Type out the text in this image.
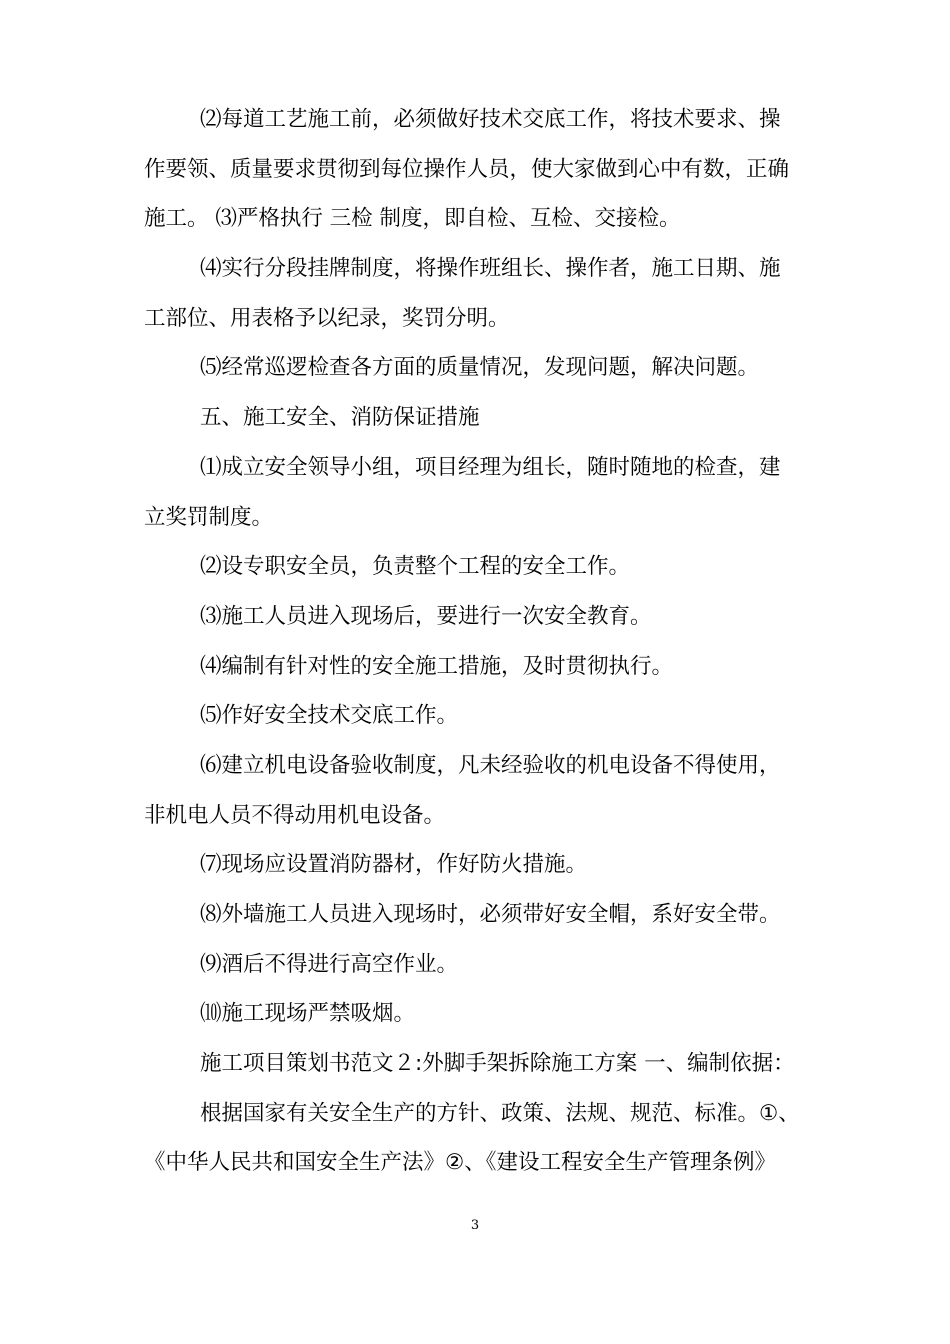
⑵每道工艺施工前，必须做好技术交底工作，将技术要求、操
作要领、质量要求贯彻到每位操作人员，使大家做到心中有数，正确
施工。 ⑶严格执行 三检 制度，即自检、互检、交接检。
⑷实行分段挂牌制度，将操作班组长、操作者，施工日期、施
工部位、用表格予以纪录，奖罚分明。
⑸经常巡逻检查各方面的质量情况，发现问题，解决问题。
五、施工安全、消防保证措施
⑴成立安全领导小组，项目经理为组长，随时随地的检查，建
立奖罚制度。
⑵设专职安全员，负责整个工程的安全工作。
⑶施工人员进入现场后，要进行一次安全教育。
⑷编制有针对性的安全施工措施，及时贯彻执行。
⑸作好安全技术交底工作。
⑹建立机电设备验收制度，凡未经验收的机电设备不得使用，
非机电人员不得动用机电设备。
⑺现场应设置消防器材，作好防火措施。
⑻外墙施工人员进入现场时，必须带好安全帽，系好安全带。
⑼酒后不得进行高空作业。
⑽施工现场严禁吸烟。
施工项目策划书范文２:外脚手架拆除施工方案 一、编制依据：
根据国家有关安全生产的方针、政策、法规、规范、标准。①、
《中华人民共和国安全生产法》②、《建设工程安全生产管理条例》
3
